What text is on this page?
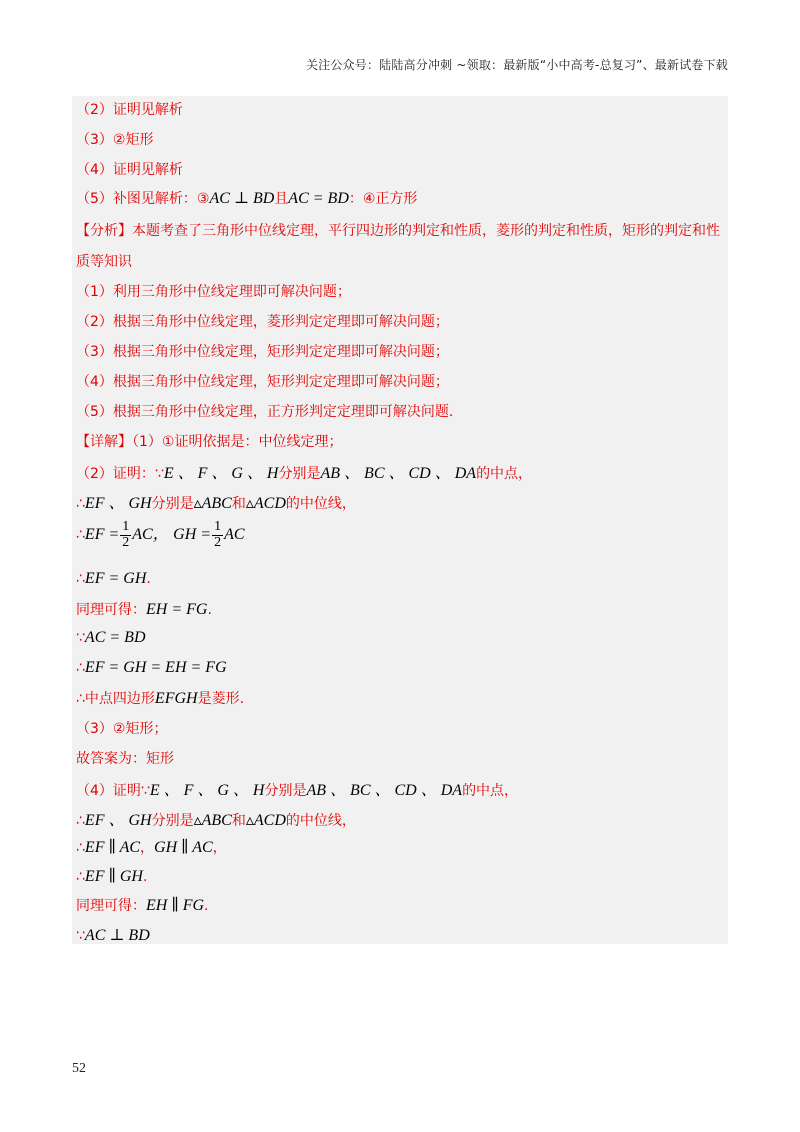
关注公众号：陆陆高分冲刺 ~领取：最新版“小中高考-总复习”、最新试卷下载
（2）证明见解析
（3）②矩形
（4）证明见解析
（5）补图见解析：③AC ⊥ BD且AC = BD：④正方形
【分析】本题考查了三角形中位线定理，平行四边形的判定和性质，菱形的判定和性质，矩形的判定和性
质等知识
（1）利用三角形中位线定理即可解决问题；
（2）根据三角形中位线定理，菱形判定定理即可解决问题；
（3）根据三角形中位线定理，矩形判定定理即可解决问题；
（4）根据三角形中位线定理，矩形判定定理即可解决问题；
（5）根据三角形中位线定理，正方形判定定理即可解决问题.
【详解】（1）①证明依据是：中位线定理；
（2）证明：∵E 、 F 、 G 、 H分别是AB 、 BC 、 CD 、 DA的中点，
∴EF 、 GH分别是▵ABC和▵ACD的中位线，
∴EF = $\frac{1}{2}$ AC， GH = $\frac{1}{2}$ AC
∴EF = GH.
同理可得：EH = FG.
∵AC = BD
∴EF = GH = EH = FG
∴中点四边形EFGH是菱形.
（3）②矩形；
故答案为：矩形
（4）证明∵E 、 F 、 G 、 H分别是AB 、 BC 、 CD 、 DA的中点，
∴EF 、 GH分别是▵ABC和▵ACD的中位线，
∴EF ∥ AC，GH ∥ AC，
∴EF ∥ GH.
同理可得：EH ∥ FG.
∵AC ⊥ BD
52
